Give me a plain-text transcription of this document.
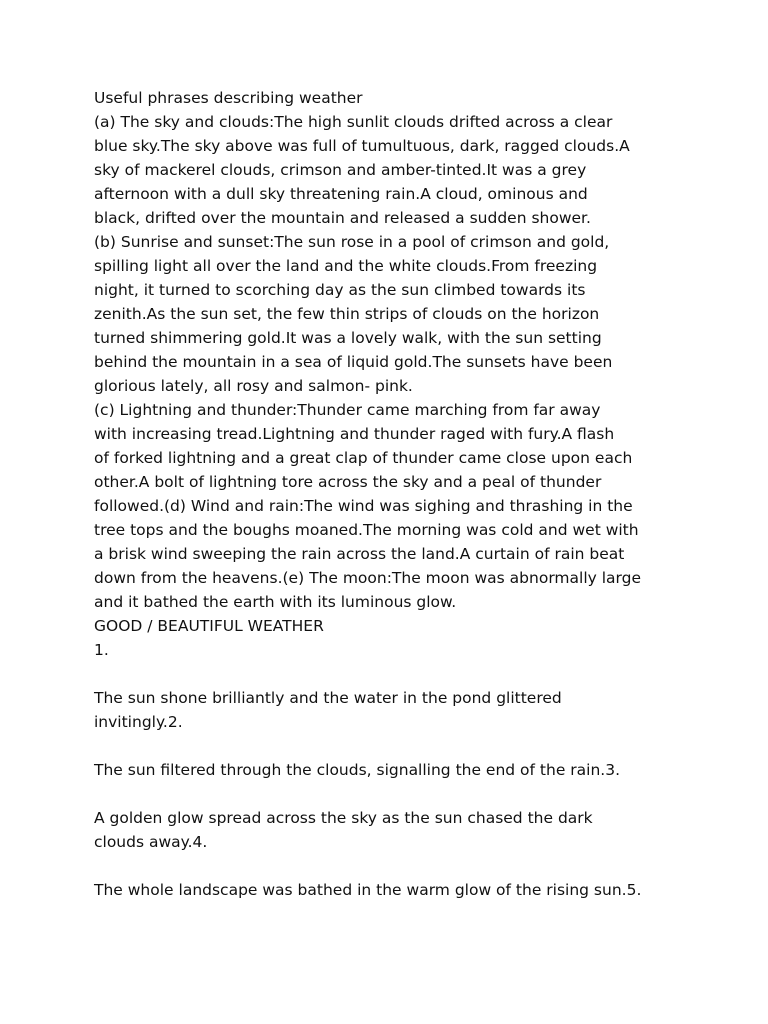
Useful phrases describing weather
(a) The sky and clouds:The high sunlit clouds drifted across a clear
blue sky.The sky above was full of tumultuous, dark, ragged clouds.A
sky of mackerel clouds, crimson and amber-tinted.It was a grey
afternoon with a dull sky threatening rain.A cloud, ominous and
black, drifted over the mountain and released a sudden shower.
(b) Sunrise and sunset:The sun rose in a pool of crimson and gold,
spilling light all over the land and the white clouds.From freezing
night, it turned to scorching day as the sun climbed towards its
zenith.As the sun set, the few thin strips of clouds on the horizon
turned shimmering gold.It was a lovely walk, with the sun setting
behind the mountain in a sea of liquid gold.The sunsets have been
glorious lately, all rosy and salmon- pink.
(c) Lightning and thunder:Thunder came marching from far away
with increasing tread.Lightning and thunder raged with fury.A flash
of forked lightning and a great clap of thunder came close upon each
other.A bolt of lightning tore across the sky and a peal of thunder
followed.(d) Wind and rain:The wind was sighing and thrashing in the
tree tops and the boughs moaned.The morning was cold and wet with
a brisk wind sweeping the rain across the land.A curtain of rain beat
down from the heavens.(e) The moon:The moon was abnormally large
and it bathed the earth with its luminous glow.
GOOD / BEAUTIFUL WEATHER
1.
The sun shone brilliantly and the water in the pond glittered
invitingly.2.
The sun filtered through the clouds, signalling the end of the rain.3.
A golden glow spread across the sky as the sun chased the dark
clouds away.4.
The whole landscape was bathed in the warm glow of the rising sun.5.
